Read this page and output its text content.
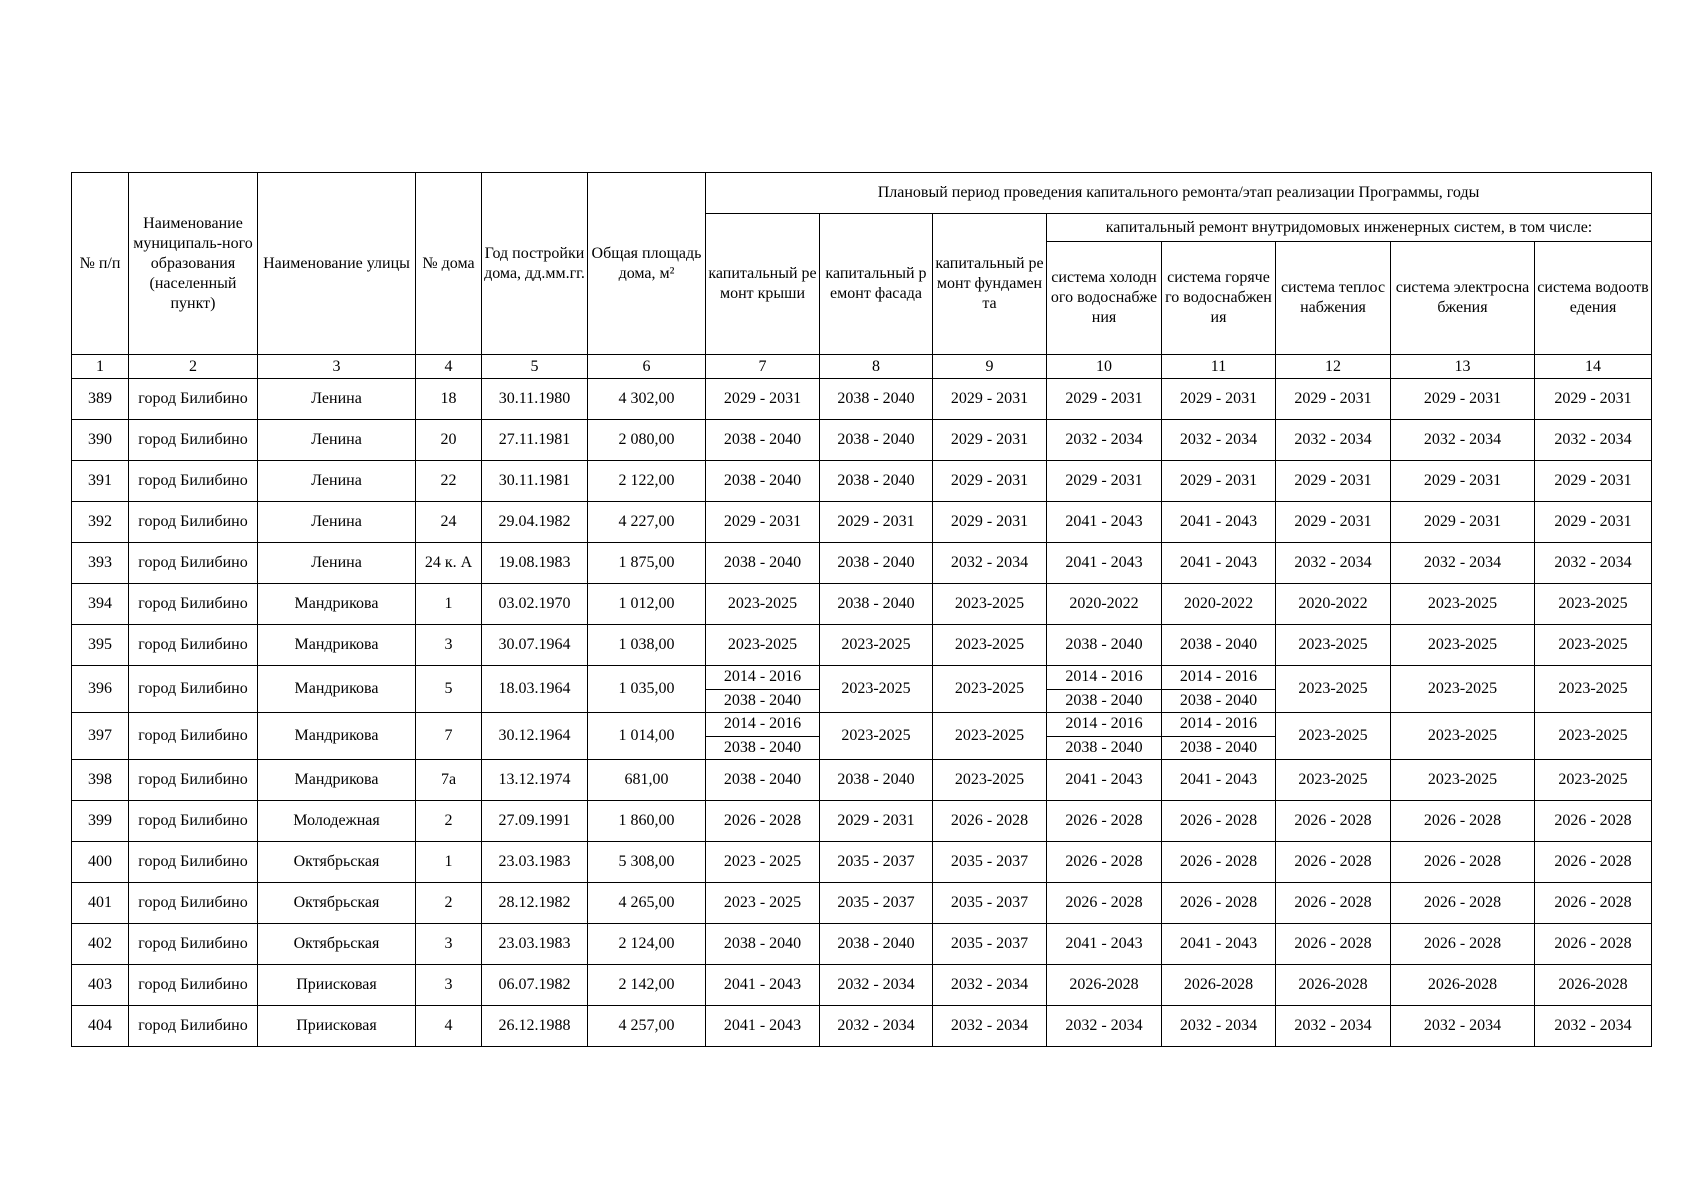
№ п/п	Наименование муниципаль-ного образования (населенный пункт)	Наименование улицы	№ дома	Год постройки дома, дд.мм.гг.	Общая площадь дома, м²	Плановый период проведения капитального ремонта/этап реализации Программы, годы							
						капитальный ремонт крыши	капитальный ремонт фасада	капитальный ремонт фундамента	капитальный ремонт внутридомовых инженерных систем, в том числе:				
									система холодного водоснабжения	система горячего водоснабжения	система теплоснабжения	система электроснабжения	система водоотведения
1	2	3	4	5	6	7	8	9	10	11	12	13	14
389	город Билибино	Ленина	18	30.11.1980	4 302,00	2029 - 2031	2038 - 2040	2029 - 2031	2029 - 2031	2029 - 2031	2029 - 2031	2029 - 2031	2029 - 2031
390	город Билибино	Ленина	20	27.11.1981	2 080,00	2038 - 2040	2038 - 2040	2029 - 2031	2032 - 2034	2032 - 2034	2032 - 2034	2032 - 2034	2032 - 2034
391	город Билибино	Ленина	22	30.11.1981	2 122,00	2038 - 2040	2038 - 2040	2029 - 2031	2029 - 2031	2029 - 2031	2029 - 2031	2029 - 2031	2029 - 2031
392	город Билибино	Ленина	24	29.04.1982	4 227,00	2029 - 2031	2029 - 2031	2029 - 2031	2041 - 2043	2041 - 2043	2029 - 2031	2029 - 2031	2029 - 2031
393	город Билибино	Ленина	24 к. А	19.08.1983	1 875,00	2038 - 2040	2038 - 2040	2032 - 2034	2041 - 2043	2041 - 2043	2032 - 2034	2032 - 2034	2032 - 2034
394	город Билибино	Мандрикова	1	03.02.1970	1 012,00	2023-2025	2038 - 2040	2023-2025	2020-2022	2020-2022	2020-2022	2023-2025	2023-2025
395	город Билибино	Мандрикова	3	30.07.1964	1 038,00	2023-2025	2023-2025	2023-2025	2038 - 2040	2038 - 2040	2023-2025	2023-2025	2023-2025
396	город Билибино	Мандрикова	5	18.03.1964	1 035,00	2014 - 2016	2023-2025	2023-2025	2014 - 2016	2014 - 2016	2023-2025	2023-2025	2023-2025
						2038 - 2040			2038 - 2040	2038 - 2040			
397	город Билибино	Мандрикова	7	30.12.1964	1 014,00	2014 - 2016	2023-2025	2023-2025	2014 - 2016	2014 - 2016	2023-2025	2023-2025	2023-2025
						2038 - 2040			2038 - 2040	2038 - 2040			
398	город Билибино	Мандрикова	7а	13.12.1974	681,00	2038 - 2040	2038 - 2040	2023-2025	2041 - 2043	2041 - 2043	2023-2025	2023-2025	2023-2025
399	город Билибино	Молодежная	2	27.09.1991	1 860,00	2026 - 2028	2029 - 2031	2026 - 2028	2026 - 2028	2026 - 2028	2026 - 2028	2026 - 2028	2026 - 2028
400	город Билибино	Октябрьская	1	23.03.1983	5 308,00	2023 - 2025	2035 - 2037	2035 - 2037	2026 - 2028	2026 - 2028	2026 - 2028	2026 - 2028	2026 - 2028
401	город Билибино	Октябрьская	2	28.12.1982	4 265,00	2023 - 2025	2035 - 2037	2035 - 2037	2026 - 2028	2026 - 2028	2026 - 2028	2026 - 2028	2026 - 2028
402	город Билибино	Октябрьская	3	23.03.1983	2 124,00	2038 - 2040	2038 - 2040	2035 - 2037	2041 - 2043	2041 - 2043	2026 - 2028	2026 - 2028	2026 - 2028
403	город Билибино	Приисковая	3	06.07.1982	2 142,00	2041 - 2043	2032 - 2034	2032 - 2034	2026-2028	2026-2028	2026-2028	2026-2028	2026-2028
404	город Билибино	Приисковая	4	26.12.1988	4 257,00	2041 - 2043	2032 - 2034	2032 - 2034	2032 - 2034	2032 - 2034	2032 - 2034	2032 - 2034	2032 - 2034
